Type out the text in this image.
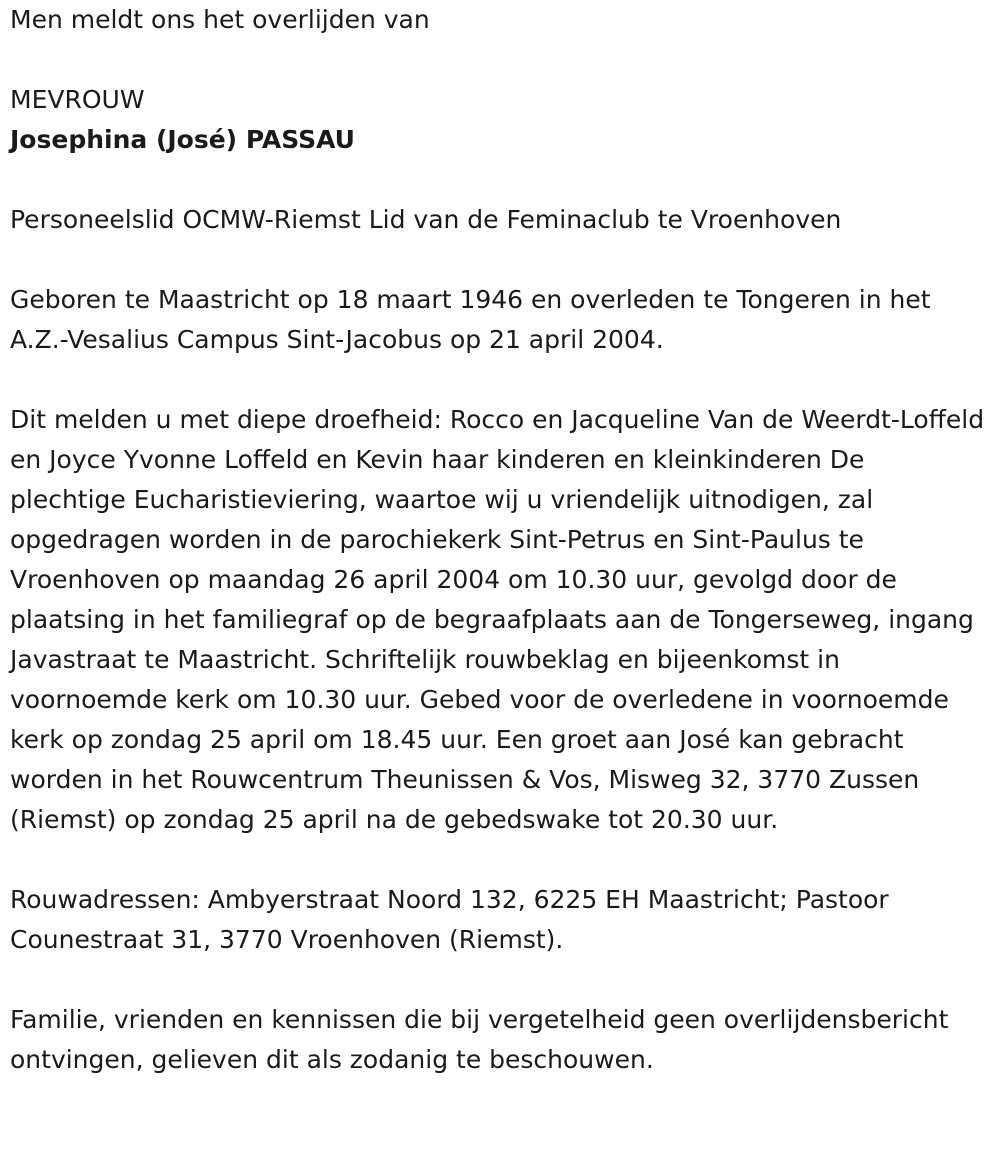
Men meldt ons het overlijden van

MEVROUW

Josephina (José) PASSAU

Personeelslid OCMW-Riemst Lid van de Feminaclub te Vroenhoven

Geboren te Maastricht op 18 maart 1946 en overleden te Tongeren in het A.Z.-Vesalius Campus Sint-Jacobus op 21 april 2004.

Dit melden u met diepe droefheid: Rocco en Jacqueline Van de Weerdt-Loffeld en Joyce Yvonne Loffeld en Kevin haar kinderen en kleinkinderen De plechtige Eucharistieviering, waartoe wij u vriendelijk uitnodigen, zal opgedragen worden in de parochiekerk Sint-Petrus en Sint-Paulus te Vroenhoven op maandag 26 april 2004 om 10.30 uur, gevolgd door de plaatsing in het familiegraf op de begraafplaats aan de Tongerseweg, ingang Javastraat te Maastricht. Schriftelijk rouwbeklag en bijeenkomst in voornoemde kerk om 10.30 uur. Gebed voor de overledene in voornoemde kerk op zondag 25 april om 18.45 uur. Een groet aan José kan gebracht worden in het Rouwcentrum Theunissen & Vos, Misweg 32, 3770 Zussen (Riemst) op zondag 25 april na de gebedswake tot 20.30 uur.

Rouwadressen: Ambyerstraat Noord 132, 6225 EH Maastricht; Pastoor Counestraat 31, 3770 Vroenhoven (Riemst).

Familie, vrienden en kennissen die bij vergetelheid geen overlijdensbericht ontvingen, gelieven dit als zodanig te beschouwen.
